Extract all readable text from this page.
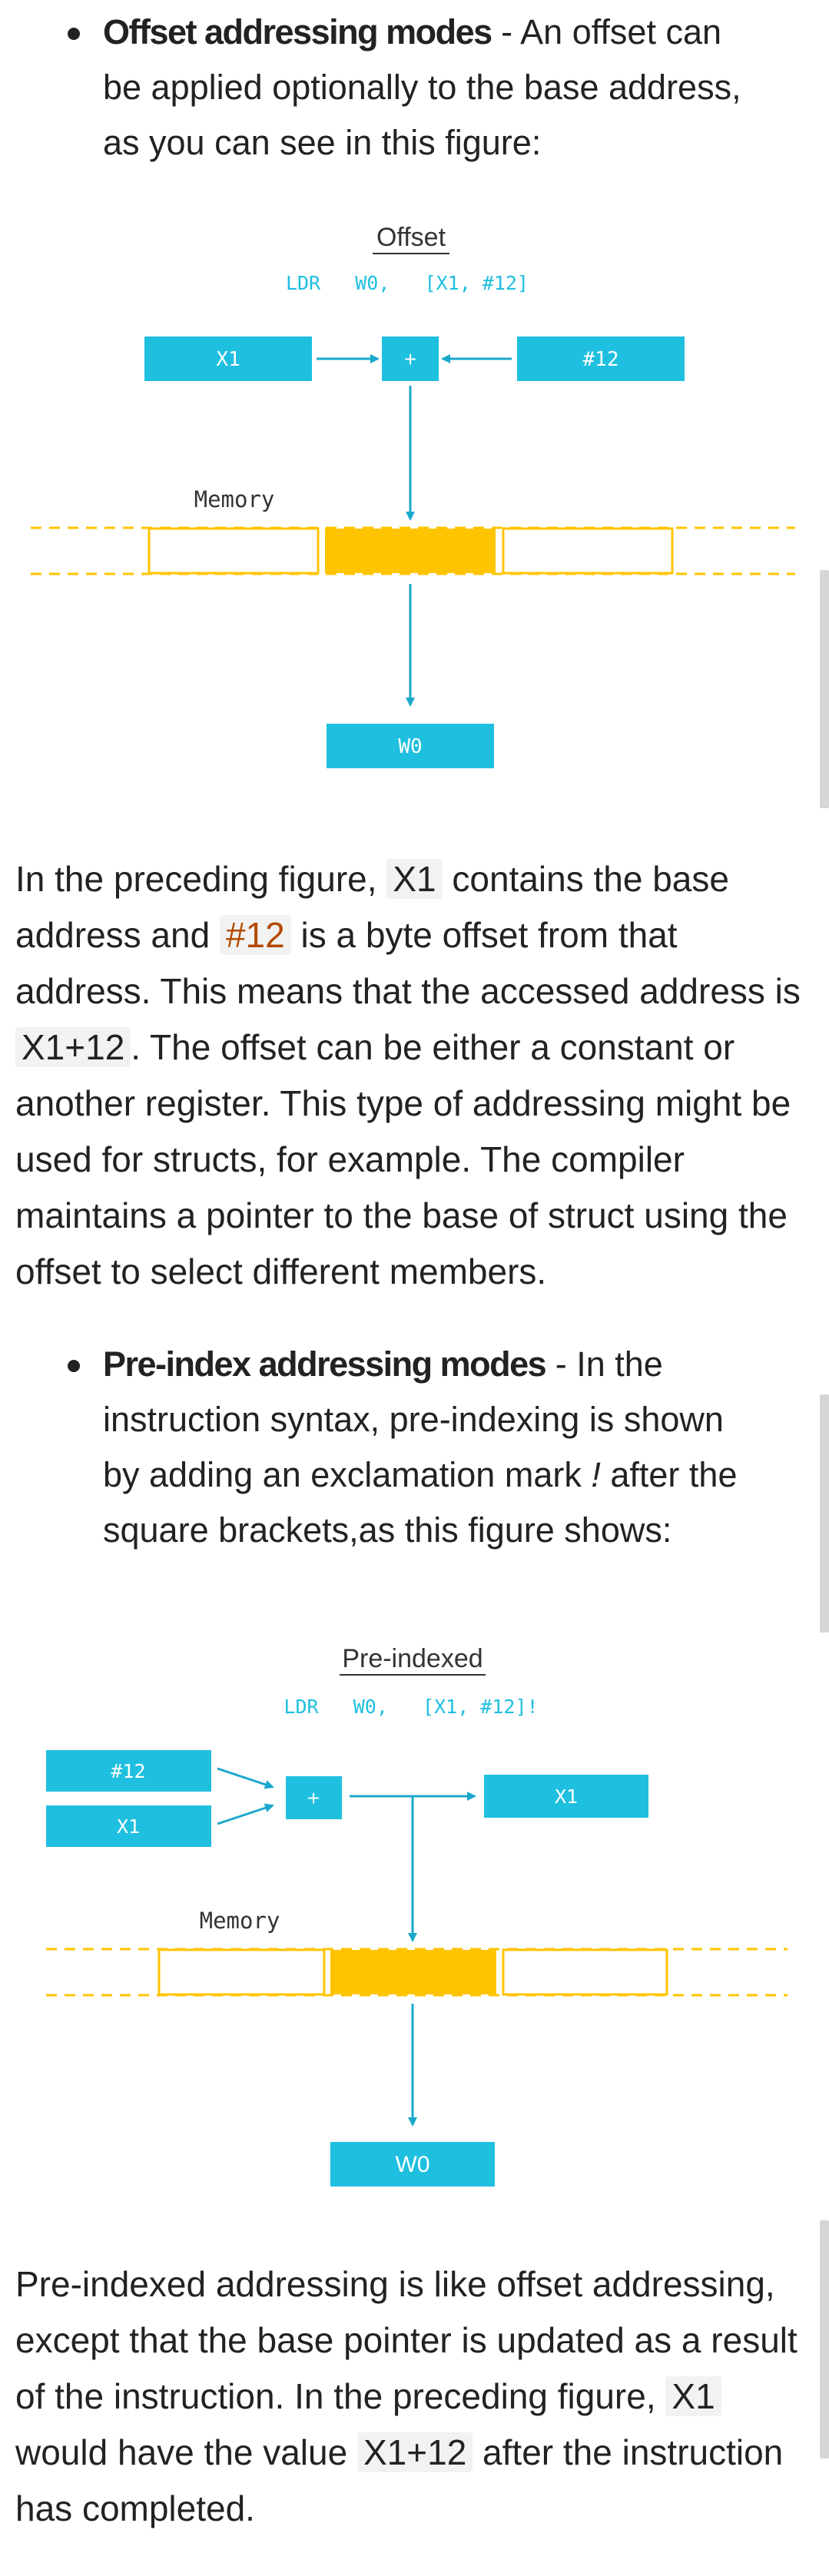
Offset addressing modes - An offset can be applied optionally to the base address, as you can see in this figure:
Offset
LDR   W0,   [X1, #12]
X1	+	#12
Memory
W0
In the preceding figure, X1 contains the base address and #12 is a byte offset from that address. This means that the accessed address is X1+12 . The offset can be either a constant or another register. This type of addressing might be used for structs, for example. The compiler maintains a pointer to the base of struct using the offset to select different members.
Pre-index addressing modes - In the instruction syntax, pre-indexing is shown by adding an exclamation mark ! after the square brackets,as this figure shows:
Pre-indexed
LDR   W0,   [X1, #12]!
#12
X1
+	X1
Memory
W0
Pre-indexed addressing is like offset addressing, except that the base pointer is updated as a result of the instruction. In the preceding figure, X1 would have the value X1+12 after the instruction has completed.
